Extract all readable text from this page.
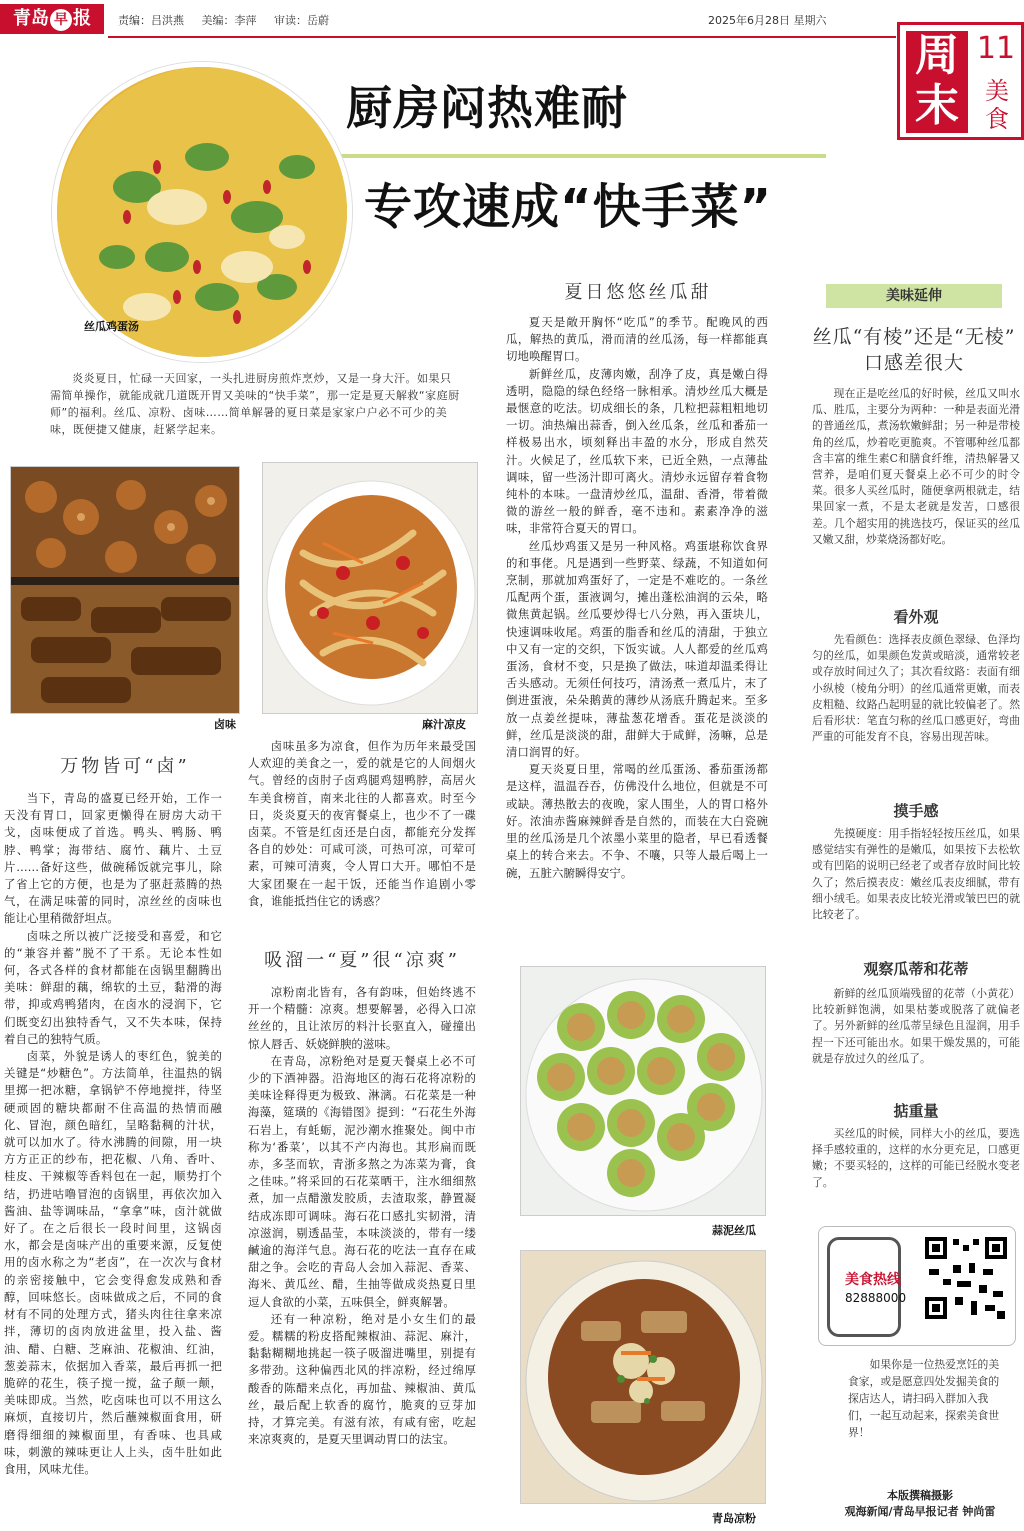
青岛 早 报	责编：吕洪燕 美编：李萍 审读：岳蔚	2025年6月28日 星期六
周末
11
美食
厨房闷热难耐
专攻速成“快手菜”
丝瓜鸡蛋汤
炎炎夏日，忙碌一天回家，一头扎进厨房煎炸烹炒，又是一身大汗。如果只需简单操作，就能成就几道既开胃又美味的“快手菜”，那一定是夏天解救“家庭厨师”的福利。丝瓜、凉粉、卤味……简单解暑的夏日菜是家家户户必不可少的美味，既便捷又健康，赶紧学起来。
卤味	麻汁凉皮
万物皆可“卤”

当下，青岛的盛夏已经开始，工作一天没有胃口，回家更懒得在厨房大动干戈，卤味便成了首选。鸭头、鸭肠、鸭脖、鸭掌；海带结、腐竹、藕片、土豆片……备好这些，做碗稀饭就完事儿，除了省上它的方便，也是为了驱赶蒸腾的热气，在满足味蕾的同时，凉丝丝的卤味也能让心里稍微舒坦点。

卤味之所以被广泛接受和喜爱，和它的“兼容并蓄”脱不了干系。无论本性如何，各式各样的食材都能在卤锅里翻腾出美味：鲜甜的藕，绵软的土豆，黏滑的海带，抑或鸡鸭猪肉，在卤水的浸润下，它们既变幻出独特香气，又不失本味，保持着自己的独特气质。

卤菜，外貌是诱人的枣红色，貌美的关键是“炒糖色”。方法简单，往温热的锅里掷一把冰糖，拿锅铲不停地搅拌，待坚硬顽固的糖块都耐不住高温的热情而融化、冒泡，颜色暗红，呈略黏稠的汁状，就可以加水了。待水沸腾的间隙，用一块方方正正的纱布，把花椒、八角、香叶、桂皮、干辣椒等香料包在一起，顺势打个结，扔进咕噜冒泡的卤锅里，再依次加入酱油、盐等调味品，“拿拿”味，卤汁就做好了。在之后很长一段时间里，这锅卤水，都会是卤味产出的重要来源，反复使用的卤水称之为“老卤”，在一次次与食材的亲密接触中，它会变得愈发成熟和香醇，回味悠长。卤味做成之后，不同的食材有不同的处理方式，猪头肉往往拿来凉拌，薄切的卤肉放进盆里，投入盐、酱油、醋、白糖、芝麻油、花椒油、红油，葱姜蒜末，依据加入香菜，最后再抓一把脆碎的花生，筷子搅一搅，盆子颠一颠，美味即成。当然，吃卤味也可以不用这么麻烦，直接切片，然后蘸辣椒面食用，研磨得细细的辣椒面里，有香味、也具咸味，刺激的辣味更让人上头，卤牛肚如此食用，风味尤佳。

卤味虽多为凉食，但作为历年来最受国人欢迎的美食之一，爱的就是它的人间烟火气。曾经的卤肘子卤鸡腿鸡翅鸭脖，高居火车美食榜首，南来北往的人都喜欢。时至今日，炎炎夏天的夜宵餐桌上，也少不了一碟卤菜。不管是红卤还是白卤，都能充分发挥各自的妙处：可咸可淡，可热可凉，可荤可素，可辣可清爽，令人胃口大开。哪怕不是大家团聚在一起干饭，还能当作追剧小零食，谁能抵挡住它的诱惑？

吸溜一“夏”很“凉爽”

凉粉南北皆有，各有韵味，但始终逃不开一个精髓：凉爽。想要解暑，必得入口凉丝丝的，且让浓厉的料汁长驱直入，碰撞出惊人唇舌、妖娆鲜腴的滋味。

在青岛，凉粉绝对是夏天餐桌上必不可少的下酒神器。沿海地区的海石花将凉粉的美味诠释得更为极致、淋漓。石花菜是一种海藻，筵璜的《海错图》提到：“石花生外海石岩上，有蚝蛎，泥沙潮水推聚处。闽中市称为‘番菜’，以其不产内海也。其形扁而既赤，多茎而软，青浙多熬之为冻菜为膏，食之佳味。”将采回的石花菜晒干，注水细细熬煮，加一点醋激发胶质，去渣取浆，静置凝结成冻即可调味。海石花口感扎实韧滑，清凉滋润，剔透晶莹，本味淡淡的，带有一缕鹹逾的海洋气息。海石花的吃法一直存在咸甜之争。会吃的青岛人会加入蒜泥、香菜、海米、黄瓜丝、醋，生抽等做成炎热夏日里逗人食欲的小菜，五味俱全，鲜爽解暑。

还有一种凉粉，绝对是小女生们的最爱。糯糯的粉皮搭配辣椒油、蒜泥、麻汁，黏黏糊糊地挑起一筷子吸溜进嘴里，别提有多带劲。这种偏西北风的拌凉粉，经过绵厚酸香的陈醋来点化，再加盐、辣椒油、黄瓜丝，最后配上软香的腐竹，脆爽的豆芽加持，才算完美。有滋有浓，有咸有密，吃起来凉爽爽的，是夏天里调动胃口的法宝。

夏日悠悠丝瓜甜

夏天是敞开胸怀“吃瓜”的季节。配晚风的西瓜，解热的黄瓜，滑而清的丝瓜汤，每一样都能真切地唤醒胃口。

新鲜丝瓜，皮薄肉嫩，刮净了皮，真是嫩白得透明，隐隐的绿色经络一脉相承。清炒丝瓜大概是最惬意的吃法。切成细长的条，几粒把蒜粗粗地切一切。油热煸出蒜香，倒入丝瓜条，丝瓜和番茄一样极易出水，顷刻释出丰盈的水分，形成自然芡汁。火候足了，丝瓜软下来，已近全熟，一点薄盐调味，留一些汤汁即可离火。清炒永远留存着食物纯朴的本味。一盘清炒丝瓜，温甜、香滑，带着微微的游丝一般的鲜香，毫不违和。素素净净的滋味，非常符合夏天的胃口。

丝瓜炒鸡蛋又是另一种风格。鸡蛋堪称饮食界的和事佬。凡是遇到一些野菜、绿蔬，不知道如何烹制，那就加鸡蛋好了，一定是不难吃的。一条丝瓜配两个蛋，蛋液调匀，摊出蓬松油润的云朵，略微焦黄起锅。丝瓜要炒得七八分熟，再入蛋块儿，快速调味收尾。鸡蛋的脂香和丝瓜的清甜，于独立中又有一定的交织，下饭实诚。人人都爱的丝瓜鸡蛋汤，食材不变，只是换了做法，味道却温柔得让舌头感动。无须任何技巧，清汤煮一煮瓜片，末了倒进蛋液，朵朵鹅黄的薄纱从汤底升腾起来。至多放一点姜丝提味，薄盐葱花增香。蛋花是淡淡的鲜，丝瓜是淡淡的甜，甜鲜大于咸鲜，汤嘛，总是清口润胃的好。

夏天炎夏日里，常喝的丝瓜蛋汤、番茄蛋汤都是这样，温温吞吞，仿佛没什么地位，但就是不可或缺。薄热散去的夜晚，家人围坐，人的胃口格外好。浓油赤酱麻辣鲜香是自然的，而装在大白瓷碗里的丝瓜汤是几个浓墨小菜里的隐者，早已看透餐桌上的转合来去。不争、不嚷，只等人最后喝上一碗，五脏六腑瞬得安宁。

蒜泥丝瓜
青岛凉粉
美味延伸
丝瓜“有棱”还是“无棱”
口感差很大

现在正是吃丝瓜的好时候，丝瓜又叫水瓜、胜瓜，主要分为两种：一种是表面光滑的普通丝瓜，煮汤软嫩鲜甜；另一种是带棱角的丝瓜，炒着吃更脆爽。不管哪种丝瓜都含丰富的维生素C和膳食纤维，清热解暑又营养，是咱们夏天餐桌上必不可少的时令菜。很多人买丝瓜时，随便拿两根就走，结果回家一煮，不是太老就是发苦，口感很差。几个超实用的挑选技巧，保证买的丝瓜又嫩又甜，炒菜烧汤都好吃。

看外观

先看颜色：选择表皮颜色翠绿、色泽均匀的丝瓜，如果颜色发黄或暗淡，通常较老或存放时间过久了；其次看纹路：表面有细小纵棱（棱角分明）的丝瓜通常更嫩，而表皮粗糙、纹路凸起明显的就比较偏老了。然后看形状：笔直匀称的丝瓜口感更好，弯曲严重的可能发育不良，容易出现苦味。

摸手感

先摸硬度：用手指轻轻按压丝瓜，如果感觉结实有弹性的是嫩瓜，如果按下去松软或有凹陷的说明已经老了或者存放时间比较久了；然后摸表皮：嫩丝瓜表皮细腻，带有细小绒毛。如果表皮比较光滑或皱巴巴的就比较老了。

观察瓜蒂和花蒂

新鲜的丝瓜顶端残留的花蒂（小黄花）比较新鲜饱满，如果枯萎或脱落了就偏老了。另外新鲜的丝瓜蒂呈绿色且湿润，用手捏一下还可能出水。如果干燥发黑的，可能就是存放过久的丝瓜了。

掂重量

买丝瓜的时候，同样大小的丝瓜，要选择手感较重的，这样的水分更充足，口感更嫩；不要买轻的，这样的可能已经脱水变老了。

美食热线
82888000
如果你是一位热爱烹饪的美食家，或是愿意四处发掘美食的探店达人，请扫码入群加入我们，一起互动起来，探索美食世界！
本版撰稿摄影
观海新闻/青岛早报记者 钟尚雷
